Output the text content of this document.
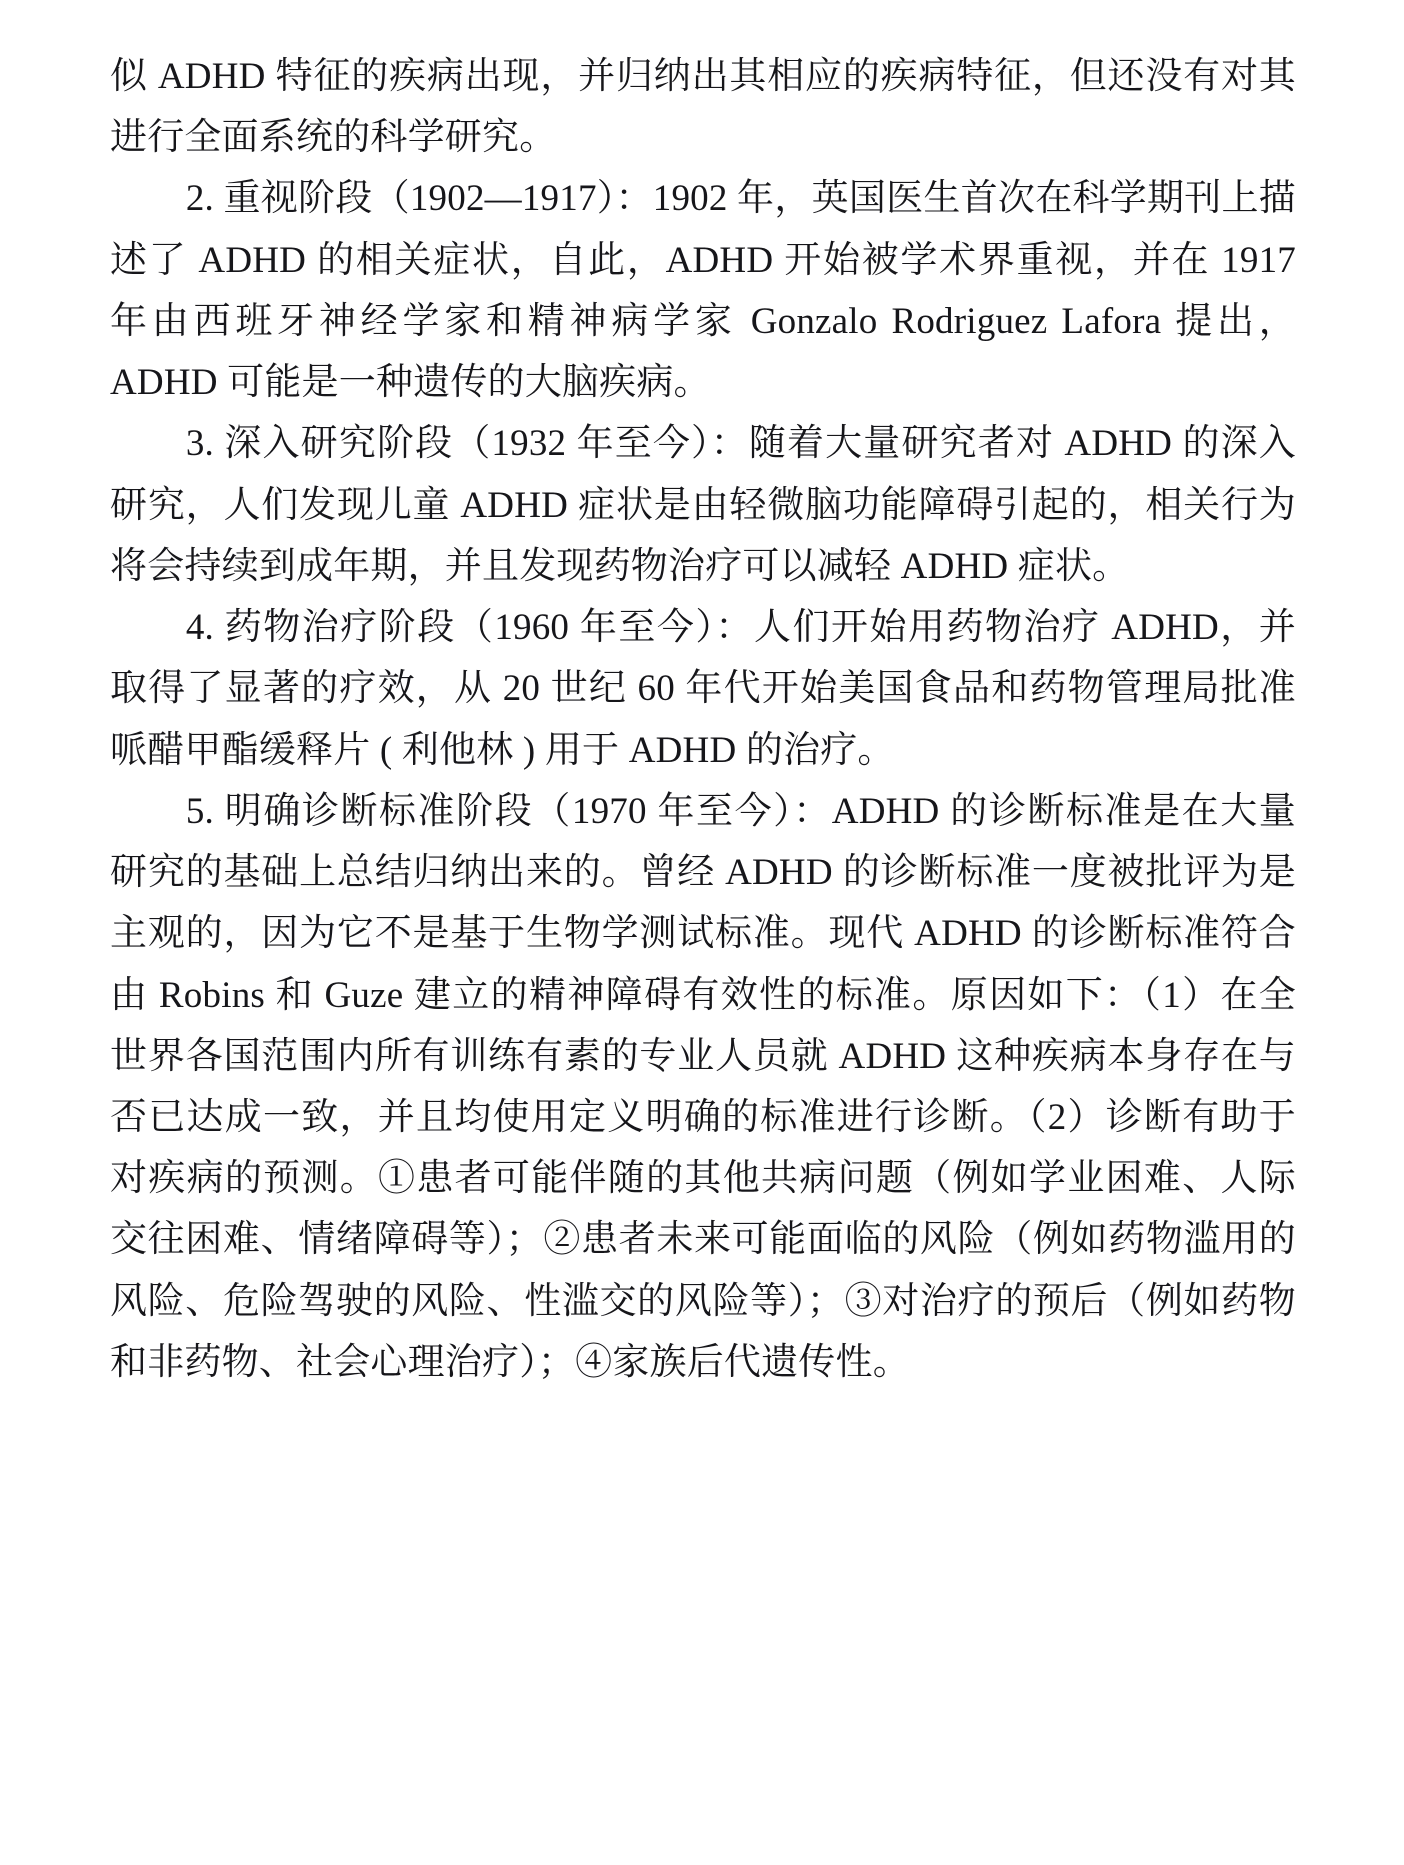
似 ADHD 特征的疾病出现，并归纳出其相应的疾病特征，但还没有对其进行全面系统的科学研究。

2. 重视阶段（1902—1917）：1902 年，英国医生首次在科学期刊上描述了 ADHD 的相关症状，自此，ADHD 开始被学术界重视，并在 1917 年由西班牙神经学家和精神病学家 Gonzalo Rodriguez Lafora 提出，ADHD 可能是一种遗传的大脑疾病。

3. 深入研究阶段（1932 年至今）：随着大量研究者对 ADHD 的深入研究，人们发现儿童 ADHD 症状是由轻微脑功能障碍引起的，相关行为将会持续到成年期，并且发现药物治疗可以减轻 ADHD 症状。

4. 药物治疗阶段（1960 年至今）：人们开始用药物治疗 ADHD，并取得了显著的疗效，从 20 世纪 60 年代开始美国食品和药物管理局批准哌醋甲酯缓释片 ( 利他林 ) 用于 ADHD 的治疗。

5. 明确诊断标准阶段（1970 年至今）：ADHD 的诊断标准是在大量研究的基础上总结归纳出来的。曾经 ADHD 的诊断标准一度被批评为是主观的，因为它不是基于生物学测试标准。现代 ADHD 的诊断标准符合由 Robins 和 Guze 建立的精神障碍有效性的标准。原因如下：（1）在全世界各国范围内所有训练有素的专业人员就 ADHD 这种疾病本身存在与否已达成一致，并且均使用定义明确的标准进行诊断。（2）诊断有助于对疾病的预测。①患者可能伴随的其他共病问题（例如学业困难、人际交往困难、情绪障碍等）；②患者未来可能面临的风险（例如药物滥用的风险、危险驾驶的风险、性滥交的风险等）；③对治疗的预后（例如药物和非药物、社会心理治疗）；④家族后代遗传性。
